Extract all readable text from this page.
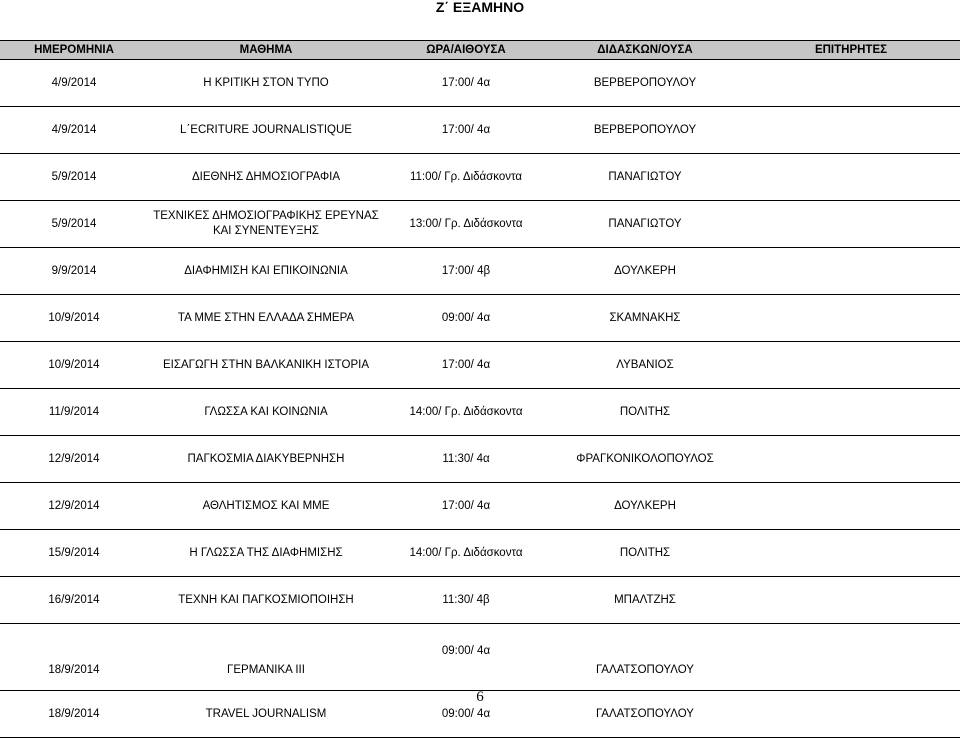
Ζ΄ ΕΞΑΜΗΝΟ
ΗΜΕΡΟΜΗΝΙΑ	ΜΑΘΗΜΑ	ΩΡΑ/ΑΙΘΟΥΣΑ	ΔΙΔΑΣΚΩΝ/ΟΥΣΑ	ΕΠΙΤΗΡΗΤΕΣ
4/9/2014	Η ΚΡΙΤΙΚΗ ΣΤΟΝ ΤΥΠΟ	17:00/ 4α	ΒΕΡΒΕΡΟΠΟΥΛΟΥ	
4/9/2014	L΄ECRITURE JOURNALISTIQUE	17:00/ 4α	ΒΕΡΒΕΡΟΠΟΥΛΟΥ	
5/9/2014	ΔΙΕΘΝΗΣ ΔΗΜΟΣΙΟΓΡΑΦΙΑ	11:00/ Γρ. Διδάσκοντα	ΠΑΝΑΓΙΩΤΟΥ	
5/9/2014	ΤΕΧΝΙΚΕΣ ΔΗΜΟΣΙΟΓΡΑΦΙΚΗΣ ΕΡΕΥΝΑΣ ΚΑΙ ΣΥΝΕΝΤΕΥΞΗΣ	13:00/ Γρ. Διδάσκοντα	ΠΑΝΑΓΙΩΤΟΥ	
9/9/2014	ΔΙΑΦΗΜΙΣΗ ΚΑΙ ΕΠΙΚΟΙΝΩΝΙΑ	17:00/ 4β	ΔΟΥΛΚΕΡΗ	
10/9/2014	ΤΑ ΜΜΕ ΣΤΗΝ ΕΛΛΑΔΑ ΣΗΜΕΡΑ	09:00/ 4α	ΣΚΑΜΝΑΚΗΣ	
10/9/2014	ΕΙΣΑΓΩΓΗ ΣΤΗΝ ΒΑΛΚΑΝΙΚΗ ΙΣΤΟΡΙΑ	17:00/ 4α	ΛΥΒΑΝΙΟΣ	
11/9/2014	ΓΛΩΣΣΑ ΚΑΙ ΚΟΙΝΩΝΙΑ	14:00/ Γρ. Διδάσκοντα	ΠΟΛΙΤΗΣ	
12/9/2014	ΠΑΓΚΟΣΜΙΑ ΔΙΑΚΥΒΕΡΝΗΣΗ	11:30/ 4α	ΦΡΑΓΚΟΝΙΚΟΛΟΠΟΥΛΟΣ	
12/9/2014	ΑΘΛΗΤΙΣΜΟΣ ΚΑΙ ΜΜΕ	17:00/ 4α	ΔΟΥΛΚΕΡΗ	
15/9/2014	Η ΓΛΩΣΣΑ ΤΗΣ ΔΙΑΦΗΜΙΣΗΣ	14:00/ Γρ. Διδάσκοντα	ΠΟΛΙΤΗΣ	
16/9/2014	ΤΕΧΝΗ ΚΑΙ ΠΑΓΚΟΣΜΙΟΠΟΙΗΣΗ	11:30/ 4β	ΜΠΑΛΤΖΗΣ	
18/9/2014	ΓΕΡΜΑΝΙΚΑ ΙΙΙ	09:00/ 4α	ΓΑΛΑΤΣΟΠΟΥΛΟΥ	
18/9/2014	TRAVEL JOURNALISM	09:00/ 4α	ΓΑΛΑΤΣΟΠΟΥΛΟΥ	
6
